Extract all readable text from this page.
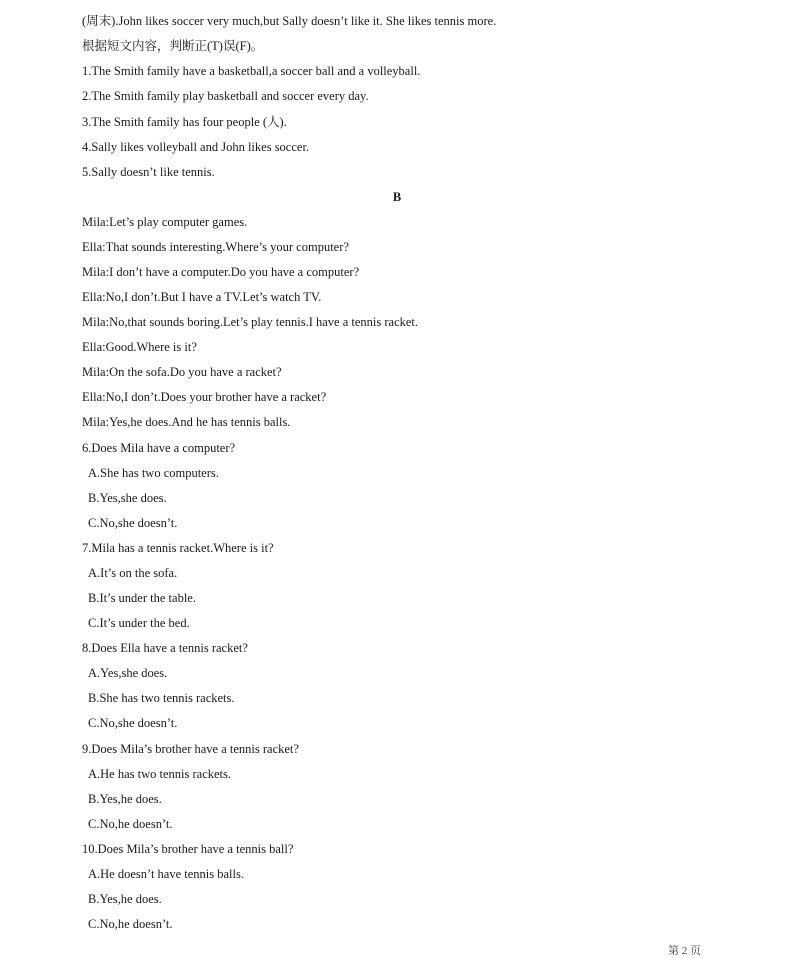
(周末).John likes soccer very much,but Sally doesn’t like it. She likes tennis more.
根据短文内容，判断正(T)误(F)。
1.The Smith family have a basketball,a soccer ball and a volleyball.
2.The Smith family play basketball and soccer every day.
3.The Smith family has four people (人).
4.Sally likes volleyball and John likes soccer.
5.Sally doesn’t like tennis.
B
Mila:Let’s play computer games.
Ella:That sounds interesting.Where’s your computer?
Mila:I don’t have a computer.Do you have a computer?
Ella:No,I don’t.But I have a TV.Let’s watch TV.
Mila:No,that sounds boring.Let’s play tennis.I have a tennis racket.
Ella:Good.Where is it?
Mila:On the sofa.Do you have a racket?
Ella:No,I don’t.Does your brother have a racket?
Mila:Yes,he does.And he has tennis balls.
6.Does Mila have a computer?
A.She has two computers.
B.Yes,she does.
C.No,she doesn’t.
7.Mila has a tennis racket.Where is it?
A.It’s on the sofa.
B.It’s under the table.
C.It’s under the bed.
8.Does Ella have a tennis racket?
A.Yes,she does.
B.She has two tennis rackets.
C.No,she doesn’t.
9.Does Mila’s brother have a tennis racket?
A.He has two tennis rackets.
B.Yes,he does.
C.No,he doesn’t.
10.Does Mila’s brother have a tennis ball?
A.He doesn’t have tennis balls.
B.Yes,he does.
C.No,he doesn’t.
第 2 页
